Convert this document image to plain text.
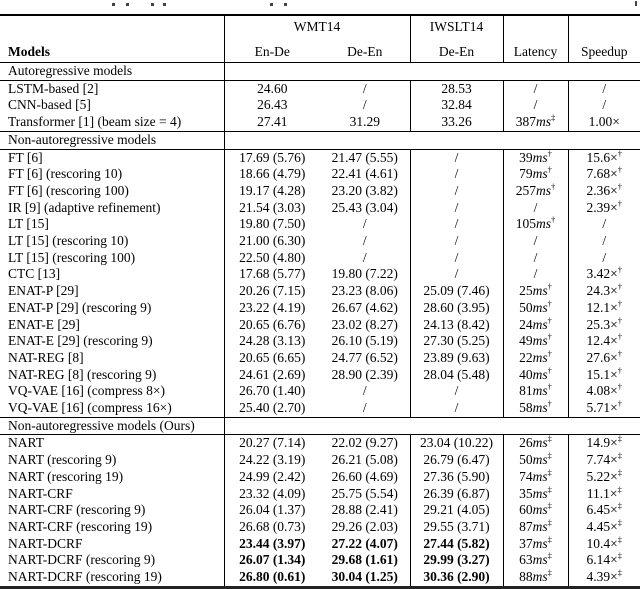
	WMT14		IWSLT14		
Models	En-De	De-En	De-En	Latency	Speedup
Autoregressive models					
LSTM-based [2]	24.60	/	28.53	/	/
CNN-based [5]	26.43	/	32.84	/	/
Transformer [1] (beam size = 4)	27.41	31.29	33.26	387ms‡	1.00×
Non-autoregressive models					
FT [6]	17.69 (5.76)	21.47 (5.55)	/	39ms†	15.6×†
FT [6] (rescoring 10)	18.66 (4.79)	22.41 (4.61)	/	79ms†	7.68×†
FT [6] (rescoring 100)	19.17 (4.28)	23.20 (3.82)	/	257ms†	2.36×†
IR [9] (adaptive refinement)	21.54 (3.03)	25.43 (3.04)	/	/	2.39×†
LT [15]	19.80 (7.50)	/	/	105ms†	/
LT [15] (rescoring 10)	21.00 (6.30)	/	/	/	/
LT [15] (rescoring 100)	22.50 (4.80)	/	/	/	/
CTC [13]	17.68 (5.77)	19.80 (7.22)	/	/	3.42×†
ENAT-P [29]	20.26 (7.15)	23.23 (8.06)	25.09 (7.46)	25ms†	24.3×†
ENAT-P [29] (rescoring 9)	23.22 (4.19)	26.67 (4.62)	28.60 (3.95)	50ms†	12.1×†
ENAT-E [29]	20.65 (6.76)	23.02 (8.27)	24.13 (8.42)	24ms†	25.3×†
ENAT-E [29] (rescoring 9)	24.28 (3.13)	26.10 (5.19)	27.30 (5.25)	49ms†	12.4×†
NAT-REG [8]	20.65 (6.65)	24.77 (6.52)	23.89 (9.63)	22ms†	27.6×†
NAT-REG [8] (rescoring 9)	24.61 (2.69)	28.90 (2.39)	28.04 (5.48)	40ms†	15.1×†
VQ-VAE [16] (compress 8×)	26.70 (1.40)	/	/	81ms†	4.08×†
VQ-VAE [16] (compress 16×)	25.40 (2.70)	/	/	58ms†	5.71×†
Non-autoregressive models (Ours)					
NART	20.27 (7.14)	22.02 (9.27)	23.04 (10.22)	26ms‡	14.9×‡
NART (rescoring 9)	24.22 (3.19)	26.21 (5.08)	26.79 (6.47)	50ms‡	7.74×‡
NART (rescoring 19)	24.99 (2.42)	26.60 (4.69)	27.36 (5.90)	74ms‡	5.22×‡
NART-CRF	23.32 (4.09)	25.75 (5.54)	26.39 (6.87)	35ms‡	11.1×‡
NART-CRF (rescoring 9)	26.04 (1.37)	28.88 (2.41)	29.21 (4.05)	60ms‡	6.45×‡
NART-CRF (rescoring 19)	26.68 (0.73)	29.26 (2.03)	29.55 (3.71)	87ms‡	4.45×‡
NART-DCRF	23.44 (3.97)	27.22 (4.07)	27.44 (5.82)	37ms‡	10.4×‡
NART-DCRF (rescoring 9)	26.07 (1.34)	29.68 (1.61)	29.99 (3.27)	63ms‡	6.14×‡
NART-DCRF (rescoring 19)	26.80 (0.61)	30.04 (1.25)	30.36 (2.90)	88ms‡	4.39×‡
